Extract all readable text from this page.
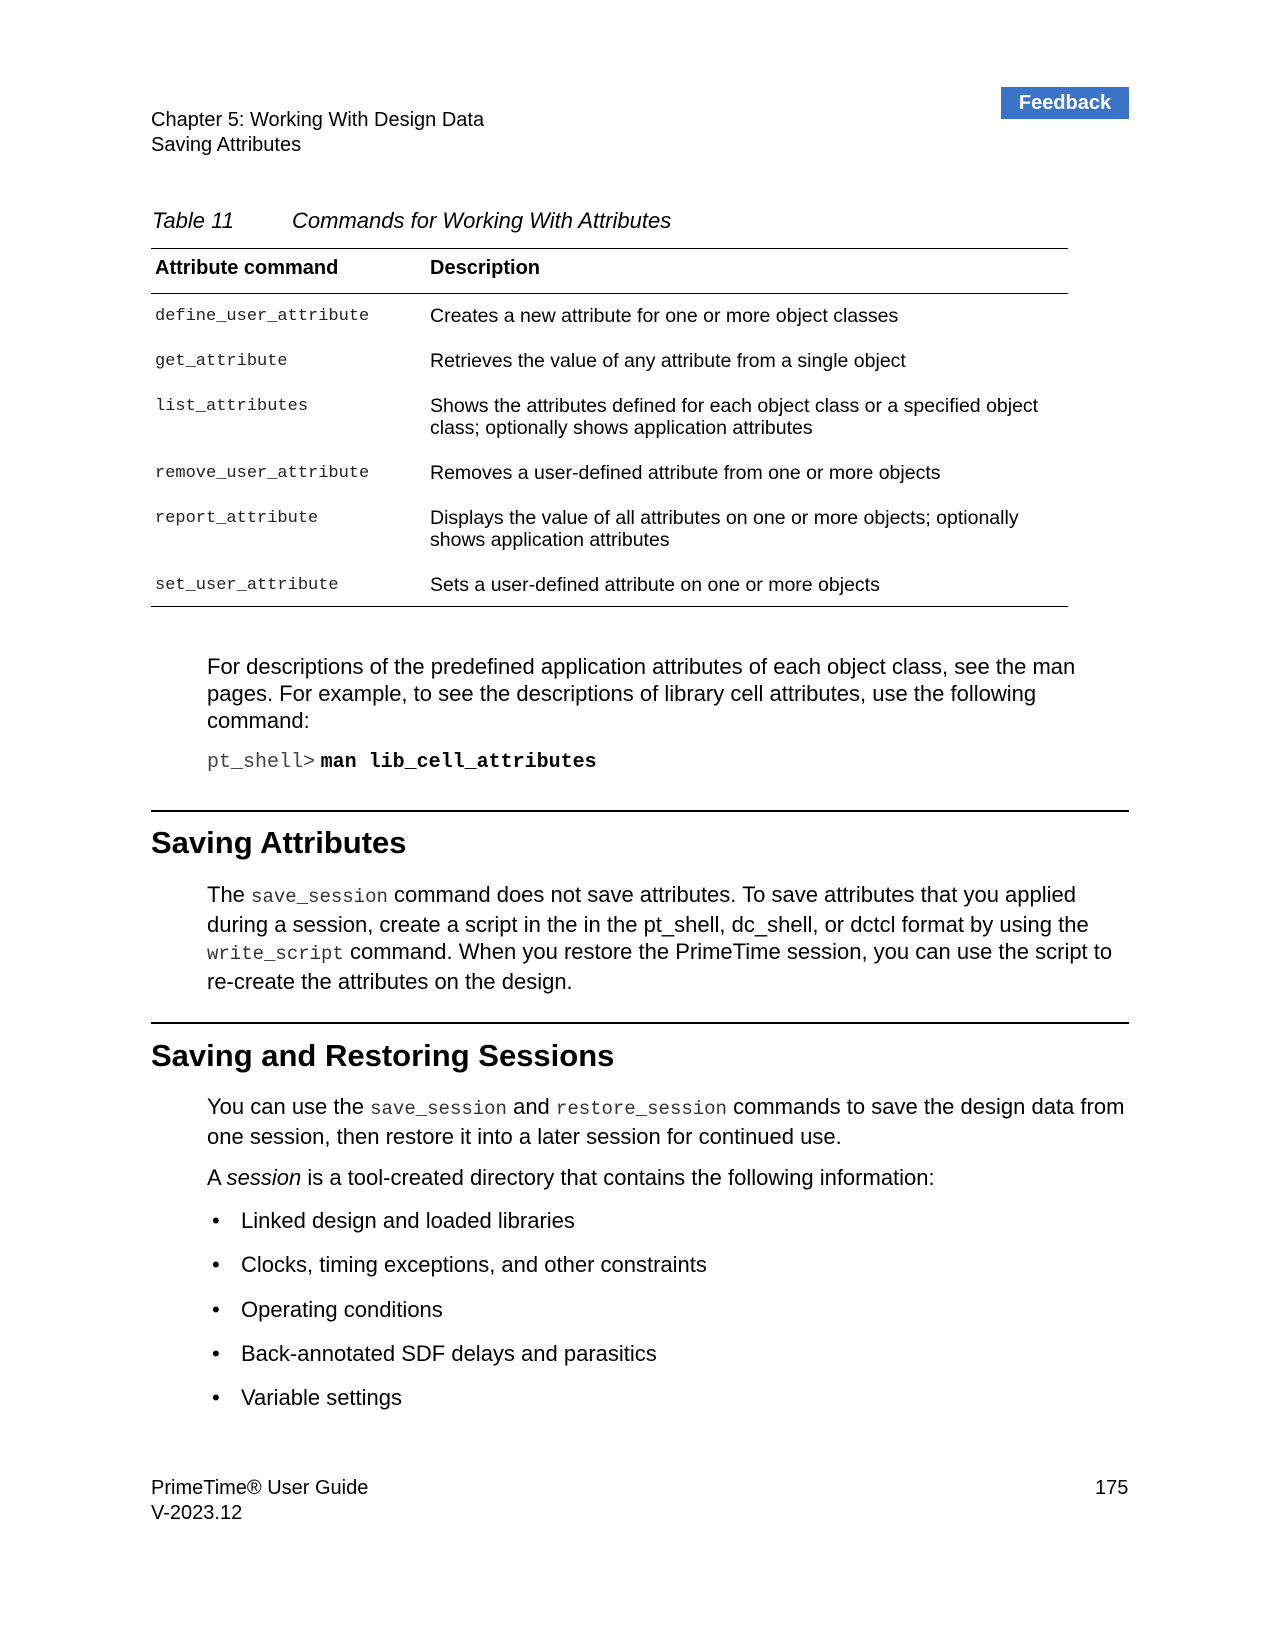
Feedback
Chapter 5: Working With Design Data
Saving Attributes
Table 11	Commands for Working With Attributes
Attribute command	Description
define_user_attribute	Creates a new attribute for one or more object classes
get_attribute	Retrieves the value of any attribute from a single object
list_attributes	Shows the attributes defined for each object class or a specified object class; optionally shows application attributes
remove_user_attribute	Removes a user-defined attribute from one or more objects
report_attribute	Displays the value of all attributes on one or more objects; optionally shows application attributes
set_user_attribute	Sets a user-defined attribute on one or more objects
For descriptions of the predefined application attributes of each object class, see the man pages. For example, to see the descriptions of library cell attributes, use the following command:
pt_shell> man lib_cell_attributes
Saving Attributes
The save_session command does not save attributes. To save attributes that you applied during a session, create a script in the in the pt_shell, dc_shell, or dctcl format by using the write_script command. When you restore the PrimeTime session, you can use the script to re-create the attributes on the design.
Saving and Restoring Sessions
You can use the save_session and restore_session commands to save the design data from one session, then restore it into a later session for continued use.
A session is a tool-created directory that contains the following information:
• Linked design and loaded libraries
• Clocks, timing exceptions, and other constraints
• Operating conditions
• Back-annotated SDF delays and parasitics
• Variable settings
PrimeTime® User Guide
V-2023.12
175
